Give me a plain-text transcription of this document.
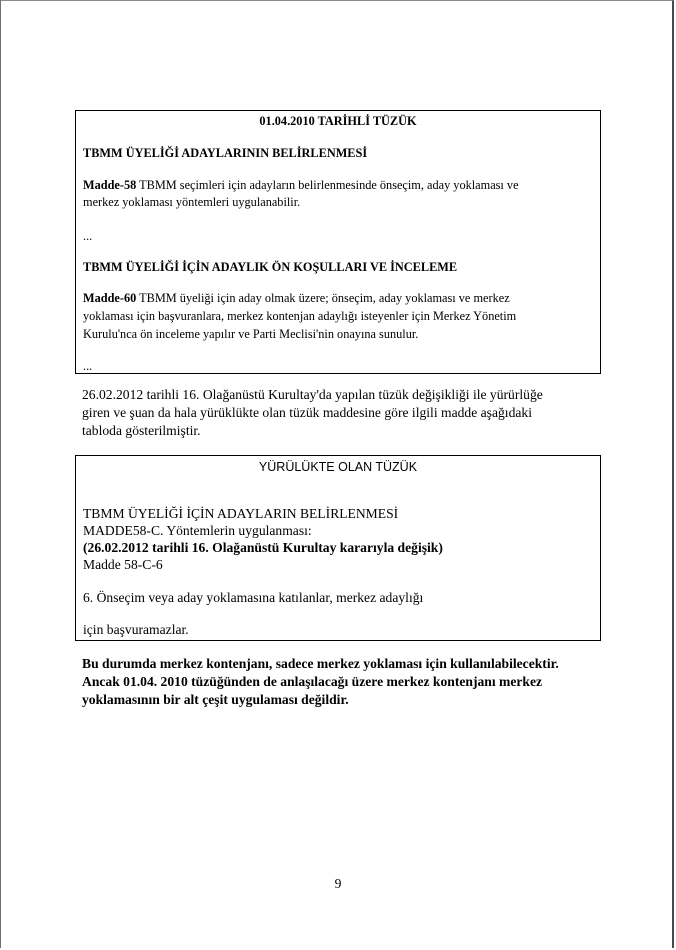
01.04.2010 TARİHLİ TÜZÜK
TBMM ÜYELİĞİ ADAYLARININ BELİRLENMESİ
Madde-58 TBMM seçimleri için adayların belirlenmesinde önseçim, aday yoklaması ve
merkez yoklaması yöntemleri uygulanabilir.
...
TBMM ÜYELİĞİ İÇİN ADAYLIK ÖN KOŞULLARI VE İNCELEME
Madde-60 TBMM üyeliği için aday olmak üzere; önseçim, aday yoklaması ve merkez
yoklaması için başvuranlara, merkez kontenjan adaylığı isteyenler için Merkez Yönetim
Kurulu'nca ön inceleme yapılır ve Parti Meclisi'nin onayına sunulur.
...
26.02.2012 tarihli 16. Olağanüstü Kurultay'da yapılan tüzük değişikliği ile yürürlüğe
giren ve şuan da hala yürüklükte olan tüzük maddesine göre ilgili madde aşağıdaki
tabloda gösterilmiştir.
YÜRÜLÜKTE OLAN TÜZÜK
TBMM ÜYELİĞİ İÇİN ADAYLARIN BELİRLENMESİ
MADDE58-C. Yöntemlerin uygulanması:
(26.02.2012 tarihli 16. Olağanüstü Kurultay kararıyla değişik)
Madde 58-C-6
6. Önseçim veya aday yoklamasına katılanlar, merkez adaylığı
için başvuramazlar.
Bu durumda merkez kontenjanı, sadece merkez yoklaması için kullanılabilecektir.
Ancak 01.04. 2010 tüzüğünden de anlaşılacağı üzere merkez kontenjanı merkez
yoklamasının bir alt çeşit uygulaması değildir.
9
